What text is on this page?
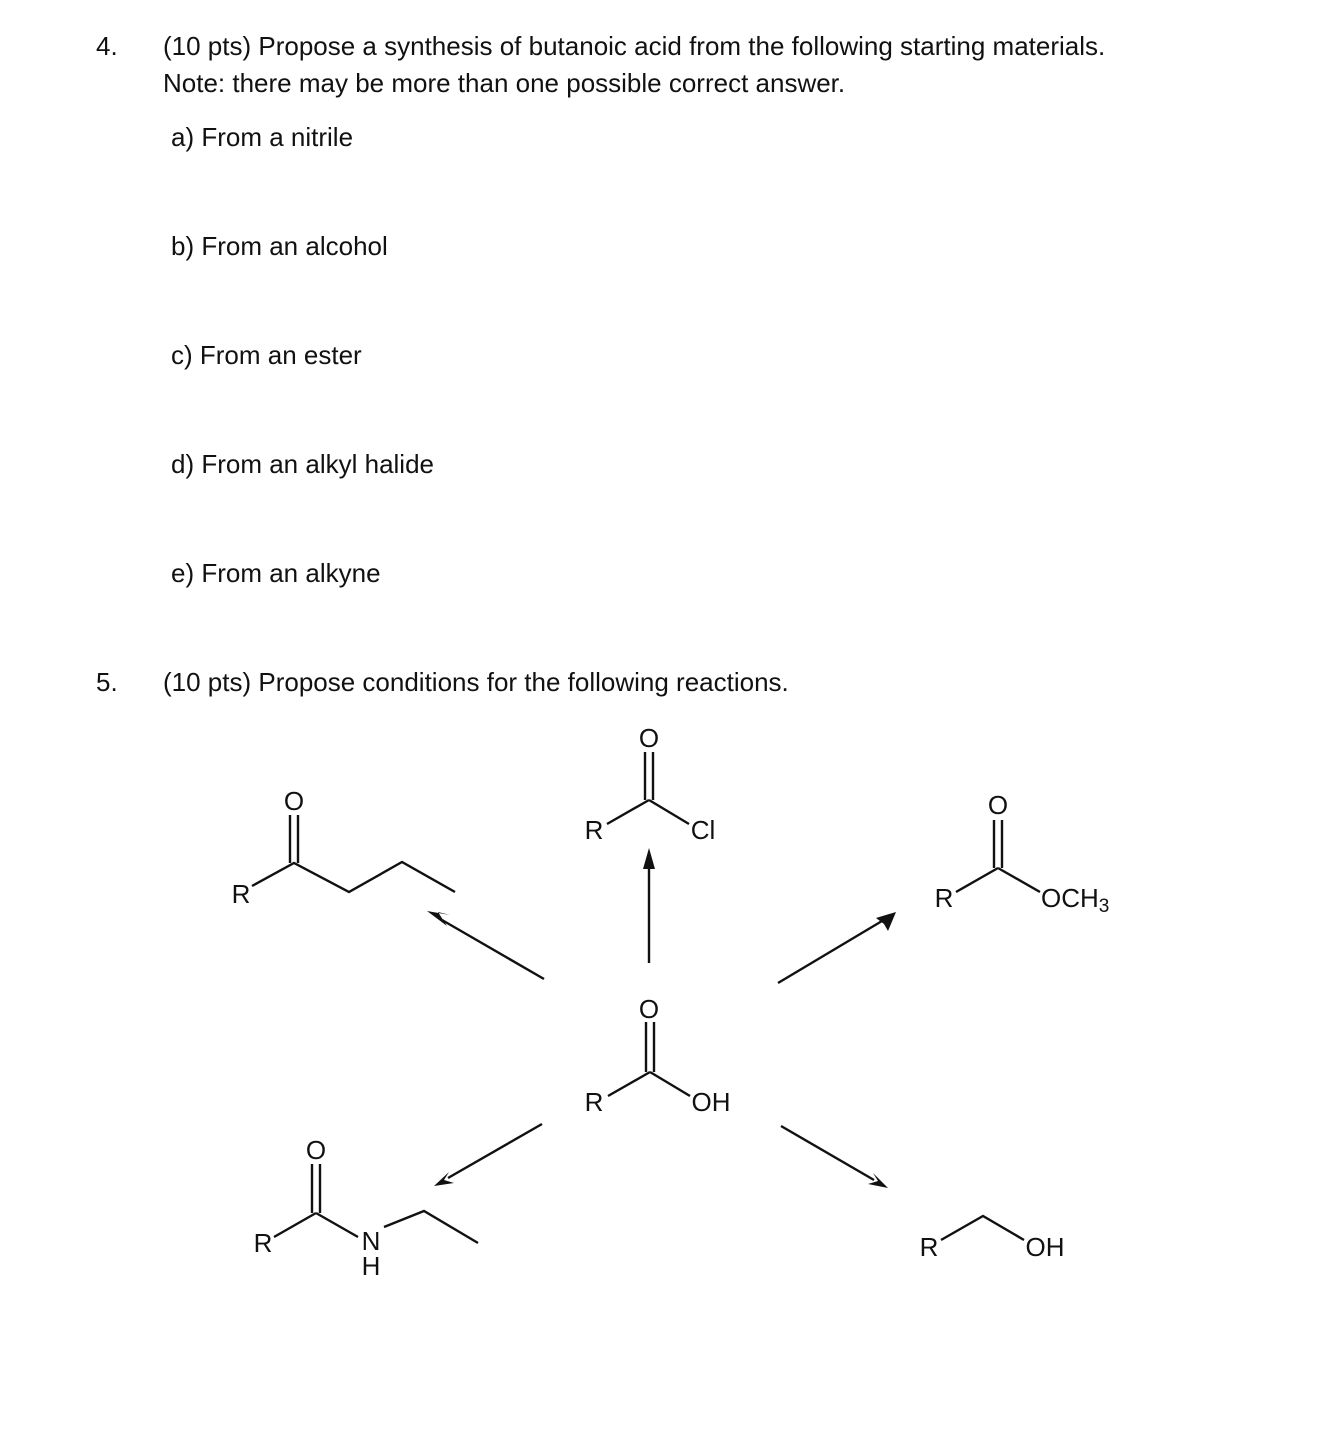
4. (10 pts) Propose a synthesis of butanoic acid from the following starting materials.
Note: there may be more than one possible correct answer.
a) From a nitrile
b) From an alcohol
c) From an ester
d) From an alkyl halide
e) From an alkyne
5. (10 pts) Propose conditions for the following reactions.
O
R	OH
O
R	Cl
O
R
O
R	OCH3
O
R	N
H
R	OH
